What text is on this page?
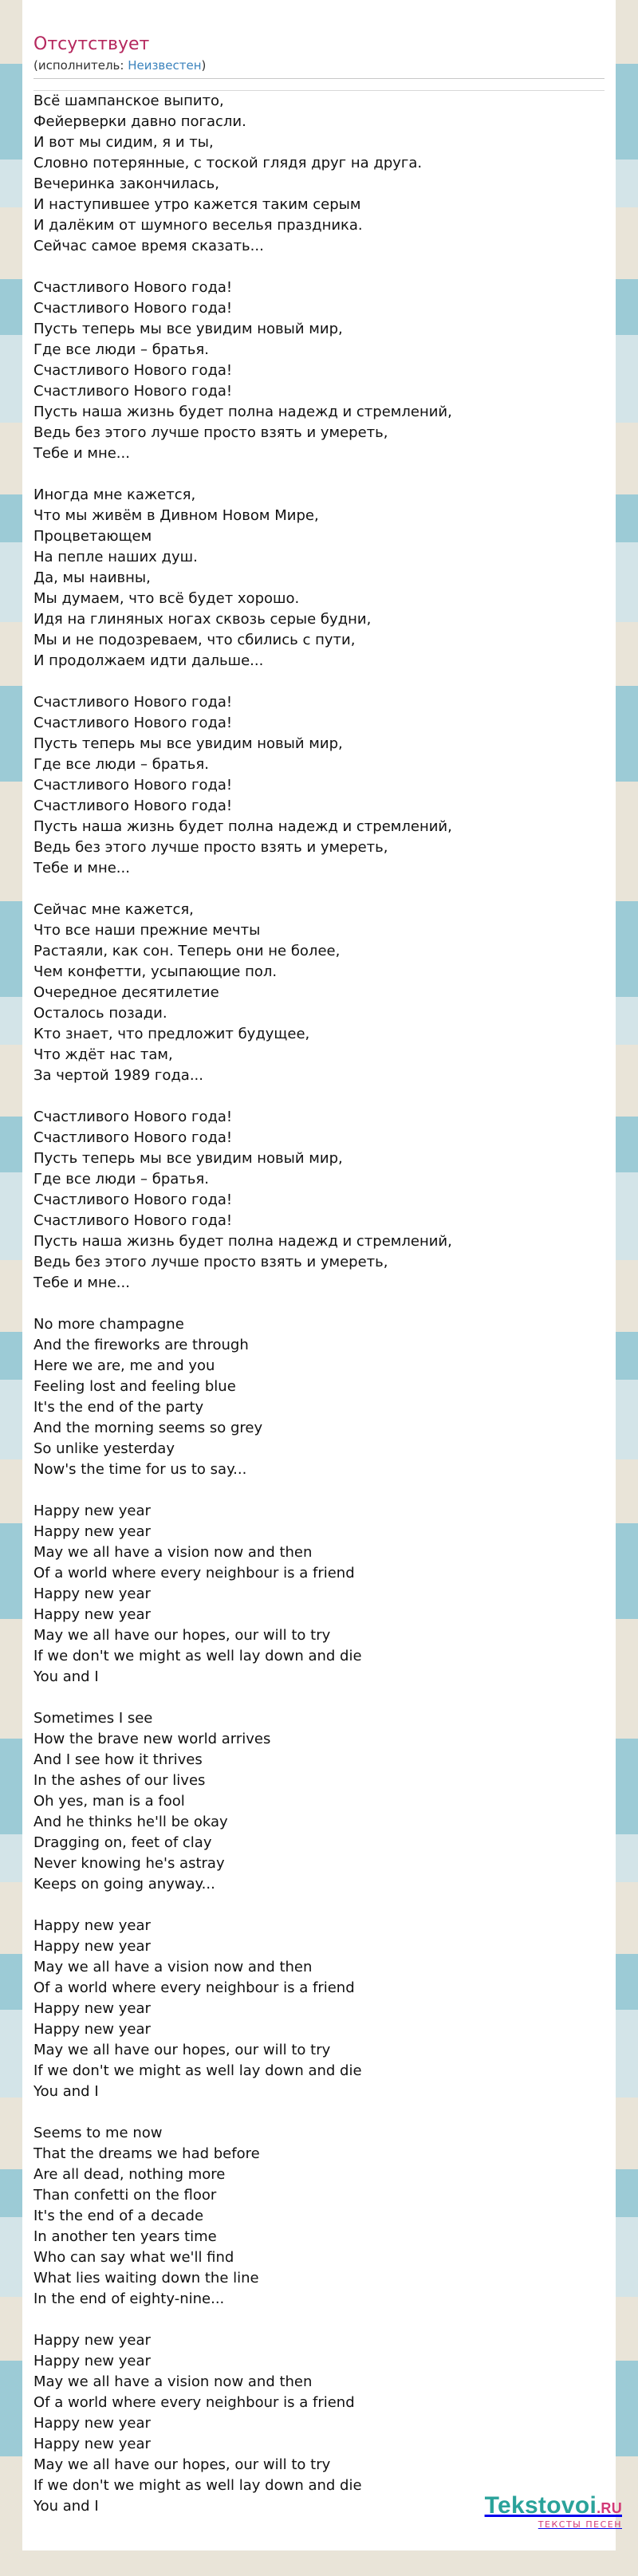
Отсутствует
(исполнитель: Неизвестен)
Всё шампанское выпито,
Фейерверки давно погасли.
И вот мы сидим, я и ты,
Словно потерянные, с тоской глядя друг на друга.
Вечеринка закончилась,
И наступившее утро кажется таким серым
И далёким от шумного веселья праздника.
Сейчас самое время сказать...
Счастливого Нового года!
Счастливого Нового года!
Пусть теперь мы все увидим новый мир,
Где все люди – братья.
Счастливого Нового года!
Счастливого Нового года!
Пусть наша жизнь будет полна надежд и стремлений,
Ведь без этого лучше просто взять и умереть,
Тебе и мне...
Иногда мне кажется,
Что мы живём в Дивном Новом Мире,
Процветающем
На пепле наших душ.
Да, мы наивны,
Мы думаем, что всё будет хорошо.
Идя на глиняных ногах сквозь серые будни,
Мы и не подозреваем, что сбились с пути,
И продолжаем идти дальше...
Счастливого Нового года!
Счастливого Нового года!
Пусть теперь мы все увидим новый мир,
Где все люди – братья.
Счастливого Нового года!
Счастливого Нового года!
Пусть наша жизнь будет полна надежд и стремлений,
Ведь без этого лучше просто взять и умереть,
Тебе и мне...
Сейчас мне кажется,
Что все наши прежние мечты
Растаяли, как сон. Теперь они не более,
Чем конфетти, усыпающие пол.
Очередное десятилетие
Осталось позади.
Кто знает, что предложит будущее,
Что ждёт нас там,
За чертой 1989 года...
Счастливого Нового года!
Счастливого Нового года!
Пусть теперь мы все увидим новый мир,
Где все люди – братья.
Счастливого Нового года!
Счастливого Нового года!
Пусть наша жизнь будет полна надежд и стремлений,
Ведь без этого лучше просто взять и умереть,
Тебе и мне...
No more champagne
And the fireworks are through
Here we are, me and you
Feeling lost and feeling blue
It's the end of the party
And the morning seems so grey
So unlike yesterday
Now's the time for us to say...
Happy new year
Happy new year
May we all have a vision now and then
Of a world where every neighbour is a friend
Happy new year
Happy new year
May we all have our hopes, our will to try
If we don't we might as well lay down and die
You and I
Sometimes I see
How the brave new world arrives
And I see how it thrives
In the ashes of our lives
Oh yes, man is a fool
And he thinks he'll be okay
Dragging on, feet of clay
Never knowing he's astray
Keeps on going anyway...
Happy new year
Happy new year
May we all have a vision now and then
Of a world where every neighbour is a friend
Happy new year
Happy new year
May we all have our hopes, our will to try
If we don't we might as well lay down and die
You and I
Seems to me now
That the dreams we had before
Are all dead, nothing more
Than confetti on the floor
It's the end of a decade
In another ten years time
Who can say what we'll find
What lies waiting down the line
In the end of eighty-nine...
Happy new year
Happy new year
May we all have a vision now and then
Of a world where every neighbour is a friend
Happy new year
Happy new year
May we all have our hopes, our will to try
If we don't we might as well lay down and die
You and I	Tekstovoi.RU
ТЕКСТЫ ПЕСЕН
